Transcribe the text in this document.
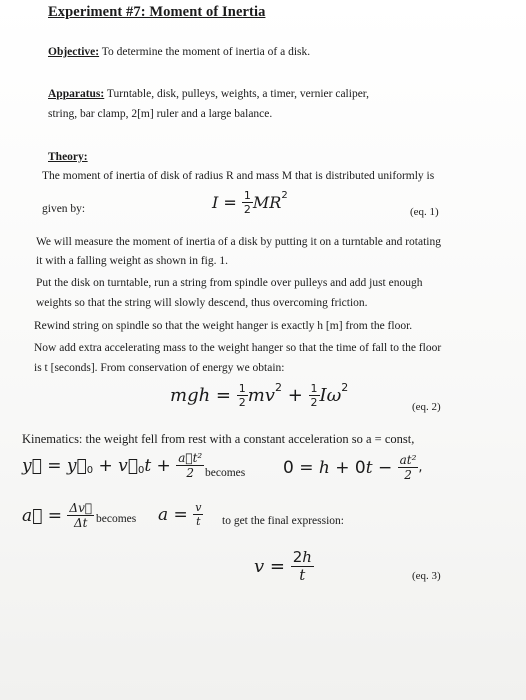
Experiment #7: Moment of Inertia
Objective: To determine the moment of inertia of a disk.
Apparatus: Turntable, disk, pulleys, weights, a timer, vernier caliper,
string, bar clamp, 2[m] ruler and a large balance.
Theory:
The moment of inertia of disk of radius R and mass M that is distributed uniformly is
given by:	$I = \frac{1}{2}$ MR 2
(eq. 1)
We will measure the moment of inertia of a disk by putting it on a turntable and rotating
it with a falling weight as shown in fig. 1.
Put the disk on turntable, run a string from spindle over pulleys and add just enough
weights so that the string will slowly descend, thus overcoming friction.
Rewind string on spindle so that the weight hanger is exactly h [m] from the floor.
Now add extra accelerating mass to the weight hanger so that the time of fall to the floor
is t [seconds]. From conservation of energy we obtain:
mgh = $\frac{1}{2}$ mv $2 + \frac{1}{2}$ Iω 2
(eq. 2)
Kinematics: the weight fell from rest with a constant acceleration so a = const,
y⃗ = y⃗ 0 + v⃗ 0 $t + \frac{\text{a⃗t²}}{2}$ becomes 0 = h + 0 $t - \frac{\text{at²}}{2}$ ,
a⃗ = $\frac{\Delta v⃗}{\Delta t}$ becomes $a = \frac{v}{t}$ to get the final expression:
$v = \frac{2h}{t}$	(eq. 3)
